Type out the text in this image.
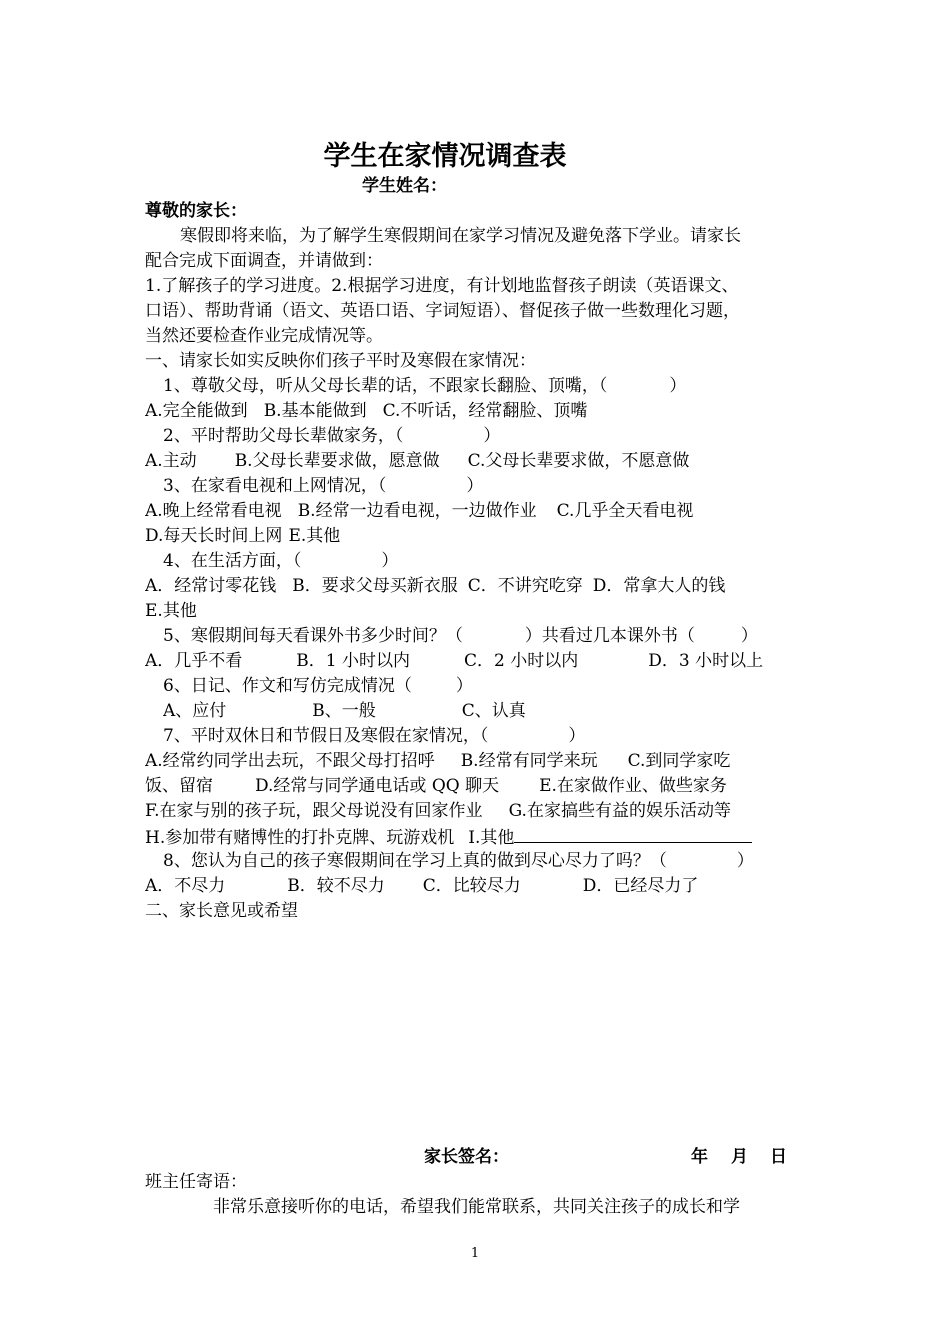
学生在家情况调查表
学生姓名：
尊敬的家长：
寒假即将来临，为了解学生寒假期间在家学习情况及避免落下学业。请家长
配合完成下面调查，并请做到：
1.了解孩子的学习进度。2.根据学习进度，有计划地监督孩子朗读（英语课文、
口语）、帮助背诵（语文、英语口语、字词短语）、督促孩子做一些数理化习题，
当然还要检查作业完成情况等。
一、请家长如实反映你们孩子平时及寒假在家情况：
1、尊敬父母，听从父母长辈的话，不跟家长翻脸、顶嘴，（	）
A.完全能做到 B.基本能做到 C.不听话，经常翻脸、顶嘴
2、平时帮助父母长辈做家务，（	）
A.主动 B.父母长辈要求做，愿意做 C.父母长辈要求做，不愿意做
3、在家看电视和上网情况，（	）
A.晚上经常看电视 B.经常一边看电视，一边做作业 C.几乎全天看电视
D.每天长时间上网 E.其他
4、在生活方面，（	）
A．经常讨零花钱 B．要求父母买新衣服 C．不讲究吃穿 D．常拿大人的钱
E.其他
5、寒假期间每天看课外书多少时间？（	）共看过几本课外书（	）
A．几乎不看	B．1 小时以内	C．2 小时以内	D．3 小时以上
6、日记、作文和写仿完成情况（	）
A、应付	B、一般	C、认真
7、平时双休日和节假日及寒假在家情况，（	）
A.经常约同学出去玩，不跟父母打招呼 B.经常有同学来玩 C.到同学家吃
饭、留宿 D.经常与同学通电话或 QQ 聊天 E.在家做作业、做些家务
F.在家与别的孩子玩，跟父母说没有回家作业 G.在家搞些有益的娱乐活动等
H.参加带有赌博性的打扑克牌、玩游戏机 I.其他
8、您认为自己的孩子寒假期间在学习上真的做到尽心尽力了吗？（	）
A．不尽力	B．较不尽力 C．比较尽力	D．已经尽力了
二、家长意见或希望
家长签名：	年 月 日
班主任寄语：
非常乐意接听你的电话，希望我们能常联系，共同关注孩子的成长和学
1
